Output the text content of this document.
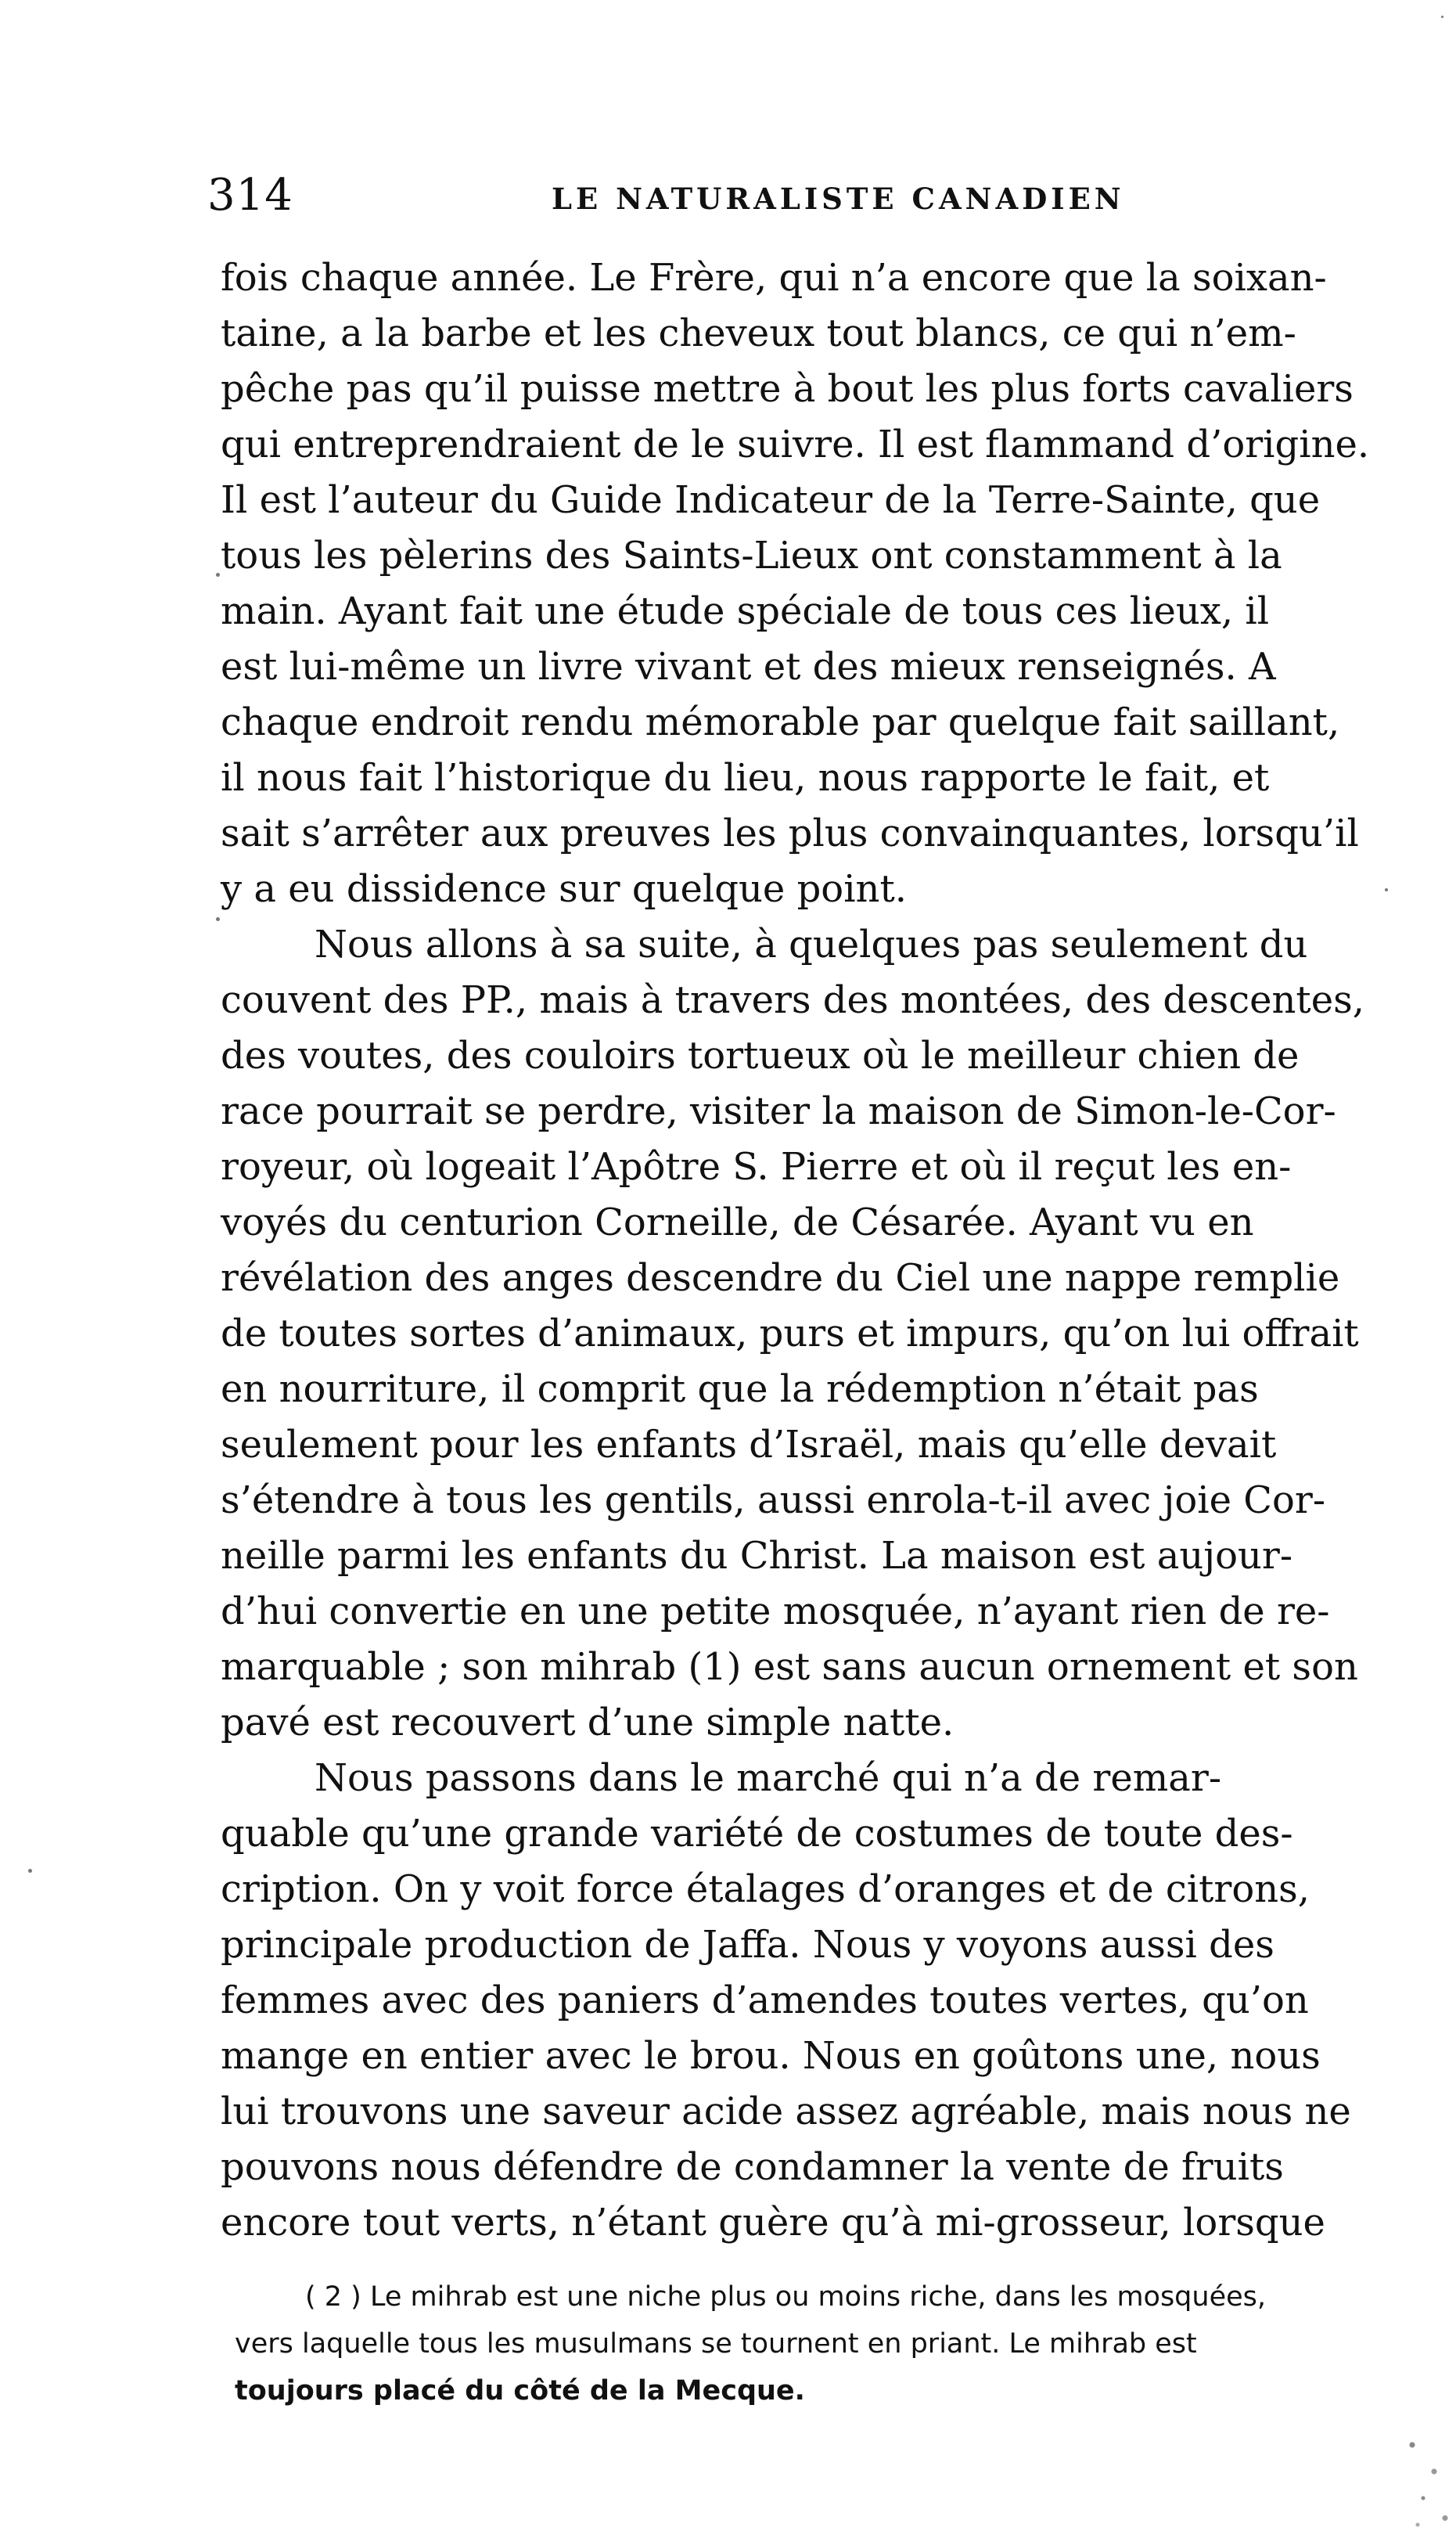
314	LE NATURALISTE CANADIEN
fois chaque année. Le Frère, qui n’a encore que la soixan-
taine, a la barbe et les cheveux tout blancs, ce qui n’em-
pêche pas qu’il puisse mettre à bout les plus forts cavaliers
qui entreprendraient de le suivre. Il est flammand d’origine.
Il est l’auteur du Guide Indicateur de la Terre-Sainte, que
tous les pèlerins des Saints-Lieux ont constamment à la
main. Ayant fait une étude spéciale de tous ces lieux, il
est lui-même un livre vivant et des mieux renseignés. A
chaque endroit rendu mémorable par quelque fait saillant,
il nous fait l’historique du lieu, nous rapporte le fait, et
sait s’arrêter aux preuves les plus convainquantes, lorsqu’il
y a eu dissidence sur quelque point.
Nous allons à sa suite, à quelques pas seulement du
couvent des PP., mais à travers des montées, des descentes,
des voutes, des couloirs tortueux où le meilleur chien de
race pourrait se perdre, visiter la maison de Simon-le-Cor-
royeur, où logeait l’Apôtre S. Pierre et où il reçut les en-
voyés du centurion Corneille, de Césarée. Ayant vu en
révélation des anges descendre du Ciel une nappe remplie
de toutes sortes d’animaux, purs et impurs, qu’on lui offrait
en nourriture, il comprit que la rédemption n’était pas
seulement pour les enfants d’Israël, mais qu’elle devait
s’étendre à tous les gentils, aussi enrola-t-il avec joie Cor-
neille parmi les enfants du Christ. La maison est aujour-
d’hui convertie en une petite mosquée, n’ayant rien de re-
marquable ; son mihrab (1) est sans aucun ornement et son
pavé est recouvert d’une simple natte.
Nous passons dans le marché qui n’a de remar-
quable qu’une grande variété de costumes de toute des-
cription. On y voit force étalages d’oranges et de citrons,
principale production de Jaffa. Nous y voyons aussi des
femmes avec des paniers d’amendes toutes vertes, qu’on
mange en entier avec le brou. Nous en goûtons une, nous
lui trouvons une saveur acide assez agréable, mais nous ne
pouvons nous défendre de condamner la vente de fruits
encore tout verts, n’étant guère qu’à mi-grosseur, lorsque
( 2 ) Le mihrab est une niche plus ou moins riche, dans les mosquées,
vers laquelle tous les musulmans se tournent en priant. Le mihrab est
toujours placé du côté de la Mecque.
